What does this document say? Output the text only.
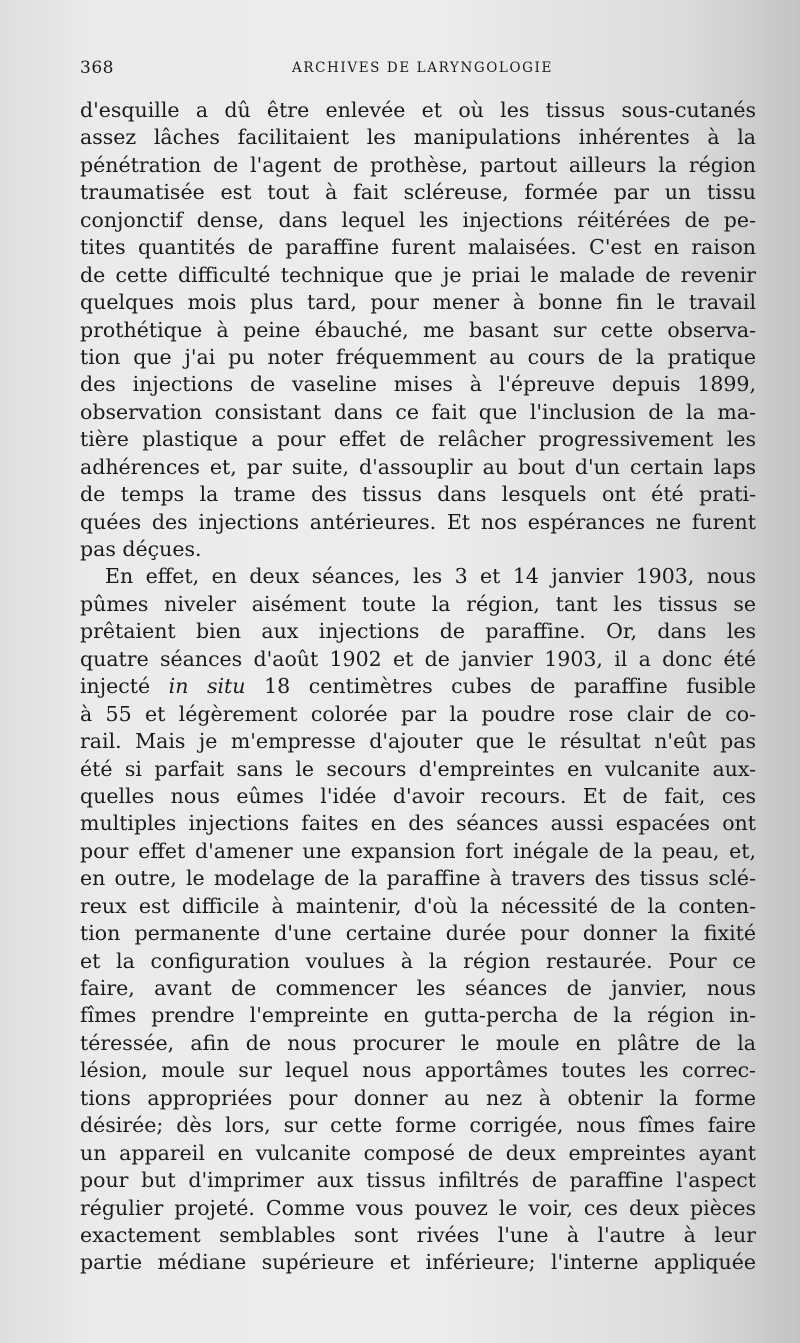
368	ARCHIVES DE LARYNGOLOGIE
d'esquille a dû être enlevée et où les tissus sous-cutanés
assez lâches facilitaient les manipulations inhérentes à la
pénétration de l'agent de prothèse, partout ailleurs la région
traumatisée est tout à fait scléreuse, formée par un tissu
conjonctif dense, dans lequel les injections réitérées de pe-
tites quantités de paraffine furent malaisées. C'est en raison
de cette difficulté technique que je priai le malade de revenir
quelques mois plus tard, pour mener à bonne fin le travail
prothétique à peine ébauché, me basant sur cette observa-
tion que j'ai pu noter fréquemment au cours de la pratique
des injections de vaseline mises à l'épreuve depuis 1899,
observation consistant dans ce fait que l'inclusion de la ma-
tière plastique a pour effet de relâcher progressivement les
adhérences et, par suite, d'assouplir au bout d'un certain laps
de temps la trame des tissus dans lesquels ont été prati-
quées des injections antérieures. Et nos espérances ne furent
pas déçues.
En effet, en deux séances, les 3 et 14 janvier 1903, nous
pûmes niveler aisément toute la région, tant les tissus se
prêtaient bien aux injections de paraffine. Or, dans les
quatre séances d'août 1902 et de janvier 1903, il a donc été
injecté in situ 18 centimètres cubes de paraffine fusible
à 55 et légèrement colorée par la poudre rose clair de co-
rail. Mais je m'empresse d'ajouter que le résultat n'eût pas
été si parfait sans le secours d'empreintes en vulcanite aux-
quelles nous eûmes l'idée d'avoir recours. Et de fait, ces
multiples injections faites en des séances aussi espacées ont
pour effet d'amener une expansion fort inégale de la peau, et,
en outre, le modelage de la paraffine à travers des tissus sclé-
reux est difficile à maintenir, d'où la nécessité de la conten-
tion permanente d'une certaine durée pour donner la fixité
et la configuration voulues à la région restaurée. Pour ce
faire, avant de commencer les séances de janvier, nous
fîmes prendre l'empreinte en gutta-percha de la région in-
téressée, afin de nous procurer le moule en plâtre de la
lésion, moule sur lequel nous apportâmes toutes les correc-
tions appropriées pour donner au nez à obtenir la forme
désirée; dès lors, sur cette forme corrigée, nous fîmes faire
un appareil en vulcanite composé de deux empreintes ayant
pour but d'imprimer aux tissus infiltrés de paraffine l'aspect
régulier projeté. Comme vous pouvez le voir, ces deux pièces
exactement semblables sont rivées l'une à l'autre à leur
partie médiane supérieure et inférieure; l'interne appliquée
